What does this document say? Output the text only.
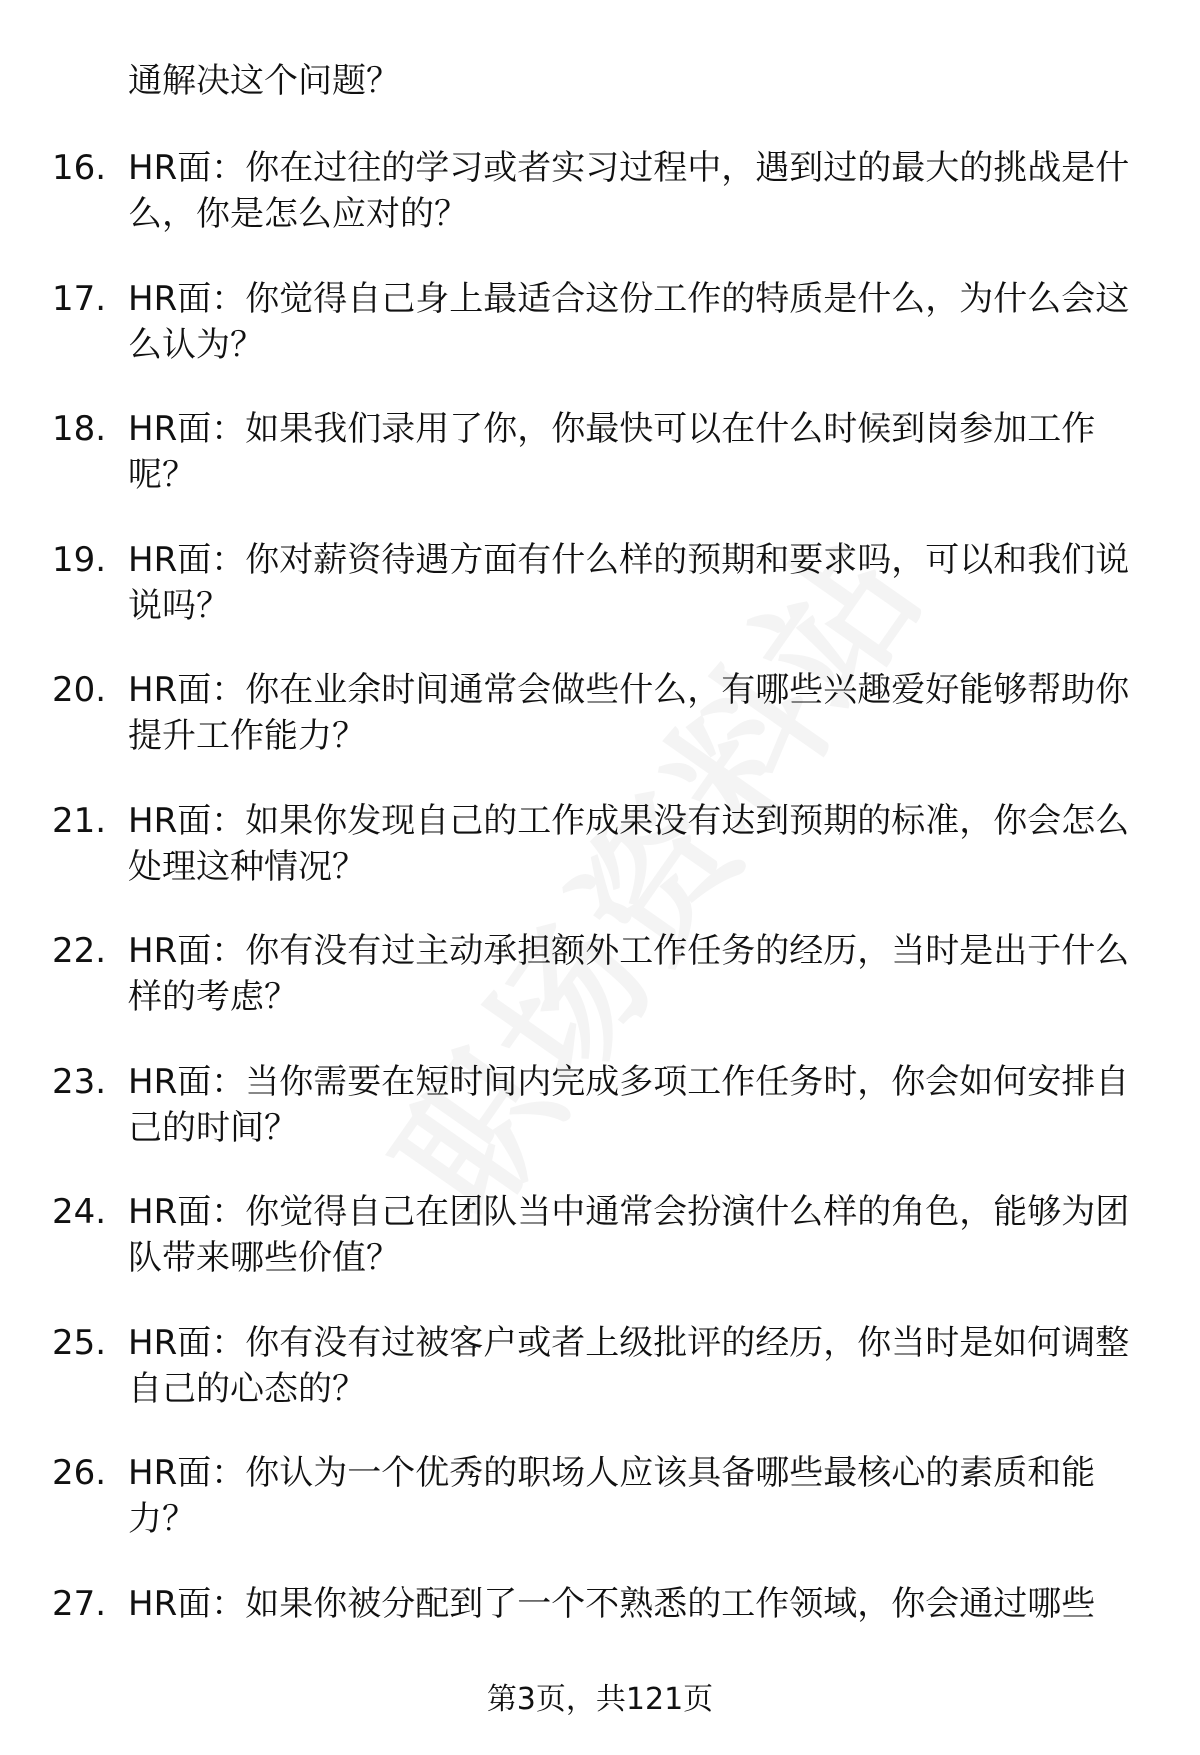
通解决这个问题？

16. HR面：你在过往的学习或者实习过程中，遇到过的最大的挑战是什么，你是怎么应对的？
17. HR面：你觉得自己身上最适合这份工作的特质是什么，为什么会这么认为？
18. HR面：如果我们录用了你，你最快可以在什么时候到岗参加工作呢？
19. HR面：你对薪资待遇方面有什么样的预期和要求吗，可以和我们说说吗？
20. HR面：你在业余时间通常会做些什么，有哪些兴趣爱好能够帮助你提升工作能力？
21. HR面：如果你发现自己的工作成果没有达到预期的标准，你会怎么处理这种情况？
22. HR面：你有没有过主动承担额外工作任务的经历，当时是出于什么样的考虑？
23. HR面：当你需要在短时间内完成多项工作任务时，你会如何安排自己的时间？
24. HR面：你觉得自己在团队当中通常会扮演什么样的角色，能够为团队带来哪些价值？
25. HR面：你有没有过被客户或者上级批评的经历，你当时是如何调整自己的心态的？
26. HR面：你认为一个优秀的职场人应该具备哪些最核心的素质和能力？
27. HR面：如果你被分配到了一个不熟悉的工作领域，你会通过哪些
第3页，共121页
